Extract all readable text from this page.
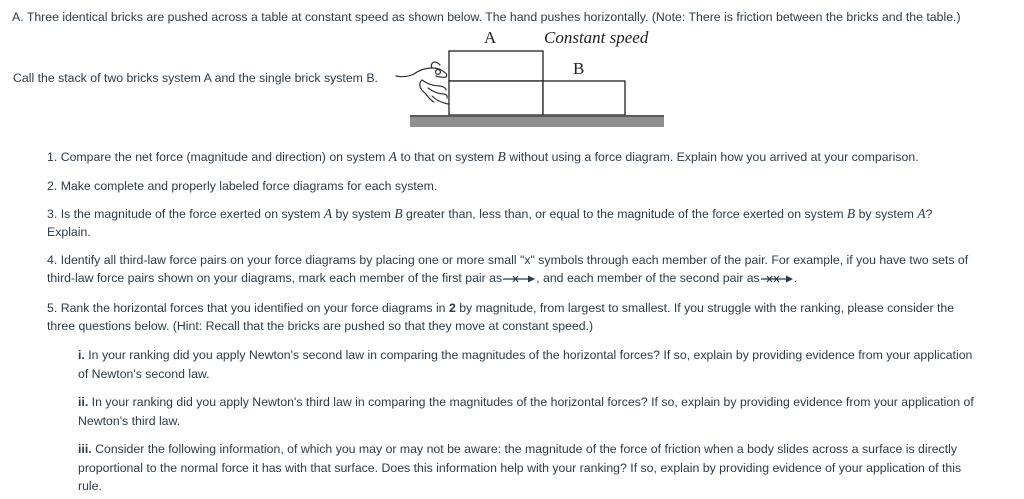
A. Three identical bricks are pushed across a table at constant speed as shown below. The hand pushes horizontally. (Note: There is friction between the bricks and the table.)
Call the stack of two bricks system A and the single brick system B.
A	Constant speed
B
1. Compare the net force (magnitude and direction) on system A to that on system B without using a force diagram. Explain how you arrived at your comparison.
2. Make complete and properly labeled force diagrams for each system.
3. Is the magnitude of the force exerted on system A by system B greater than, less than, or equal to the magnitude of the force exerted on system B by system A?
Explain.
4. Identify all third-law force pairs on your force diagrams by placing one or more small "x" symbols through each member of the pair. For example, if you have two sets of
third-law force pairs shown on your diagrams, mark each member of the first pair as	, and each member of the second pair as	.
5. Rank the horizontal forces that you identified on your force diagrams in 2 by magnitude, from largest to smallest. If you struggle with the ranking, please consider the
three questions below. (Hint: Recall that the bricks are pushed so that they move at constant speed.)
i. In your ranking did you apply Newton's second law in comparing the magnitudes of the horizontal forces? If so, explain by providing evidence from your application
of Newton's second law.
ii. In your ranking did you apply Newton's third law in comparing the magnitudes of the horizontal forces? If so, explain by providing evidence from your application of
Newton's third law.
iii. Consider the following information, of which you may or may not be aware: the magnitude of the force of friction when a body slides across a surface is directly
proportional to the normal force it has with that surface. Does this information help with your ranking? If so, explain by providing evidence of your application of this
rule.
